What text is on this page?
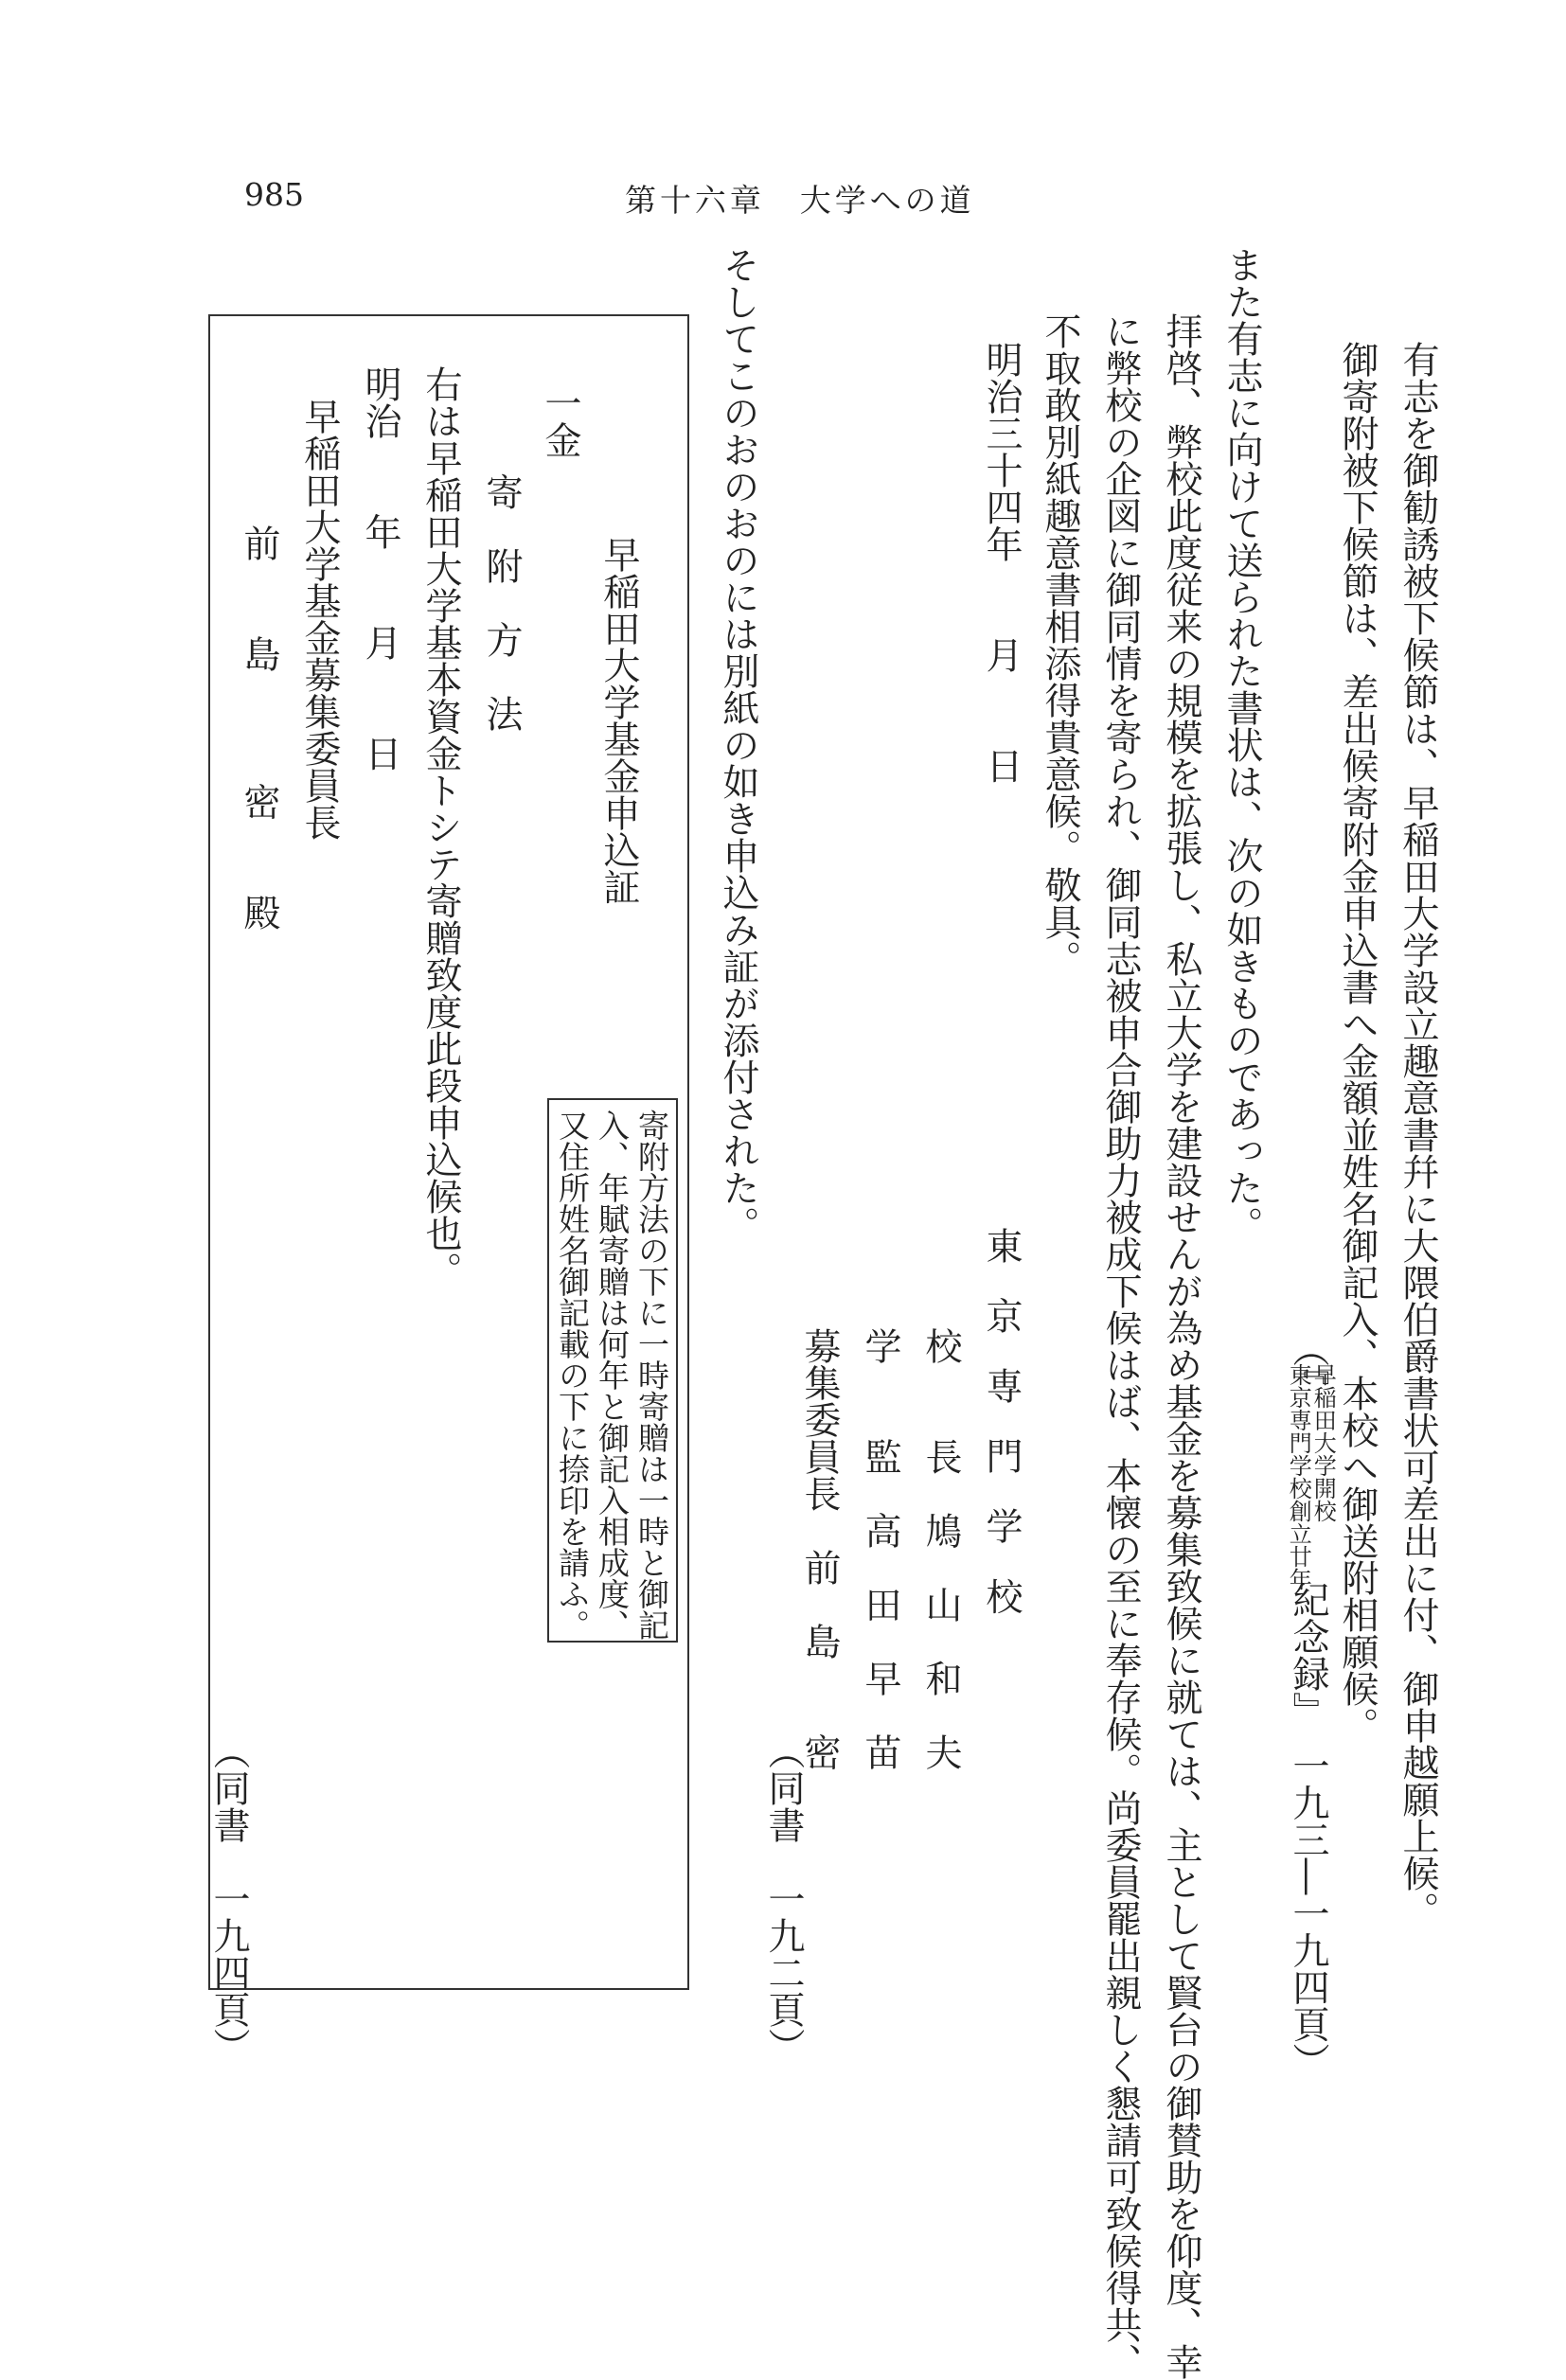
985	第十六章　大学への道
有志を御勧誘被下候節は、早稲田大学設立趣意書幷に大隈伯爵書状可差出に付、御申越願上候。
御寄附被下候節は、差出候寄附金申込書へ金額並姓名御記入、本校へ御送附相願候。
（『
早稲田大学開校
東京専門学校創立廿年
紀念録』　一九三―一九四頁）
また有志に向けて送られた書状は、次の如きものであった。
拝啓、弊校此度従来の規模を拡張し、私立大学を建設せんが為め基金を募集致候に就ては、主として賢台の御賛助を仰度、幸
に弊校の企図に御同情を寄られ、御同志被申合御助力被成下候はば、本懐の至に奉存候。尚委員罷出親しく懇請可致候得共、
不取敢別紙趣意書相添得貴意候。敬具。
明治三十四年　　月　　日
東京専門学校
校　　長　鳩　山　和　夫
学　　監　高　田　早　苗
募集委員長　前　島　　密
（同書　一九二頁）
そしてこのおのおのには別紙の如き申込み証が添付された。
早稲田大学基金申込証
一金
寄　附　方　法
寄附方法の下に一時寄贈は一時と御記
入、年賦寄贈は何年と御記入相成度、
又住所姓名御記載の下に捺印を請ふ。
右は早稲田大学基本資金トシテ寄贈致度此段申込候也。
明治　　年　　月　　日
早稲田大学基金募集委員長
前　　島　　　密　　殿
（同書　一九四頁）
